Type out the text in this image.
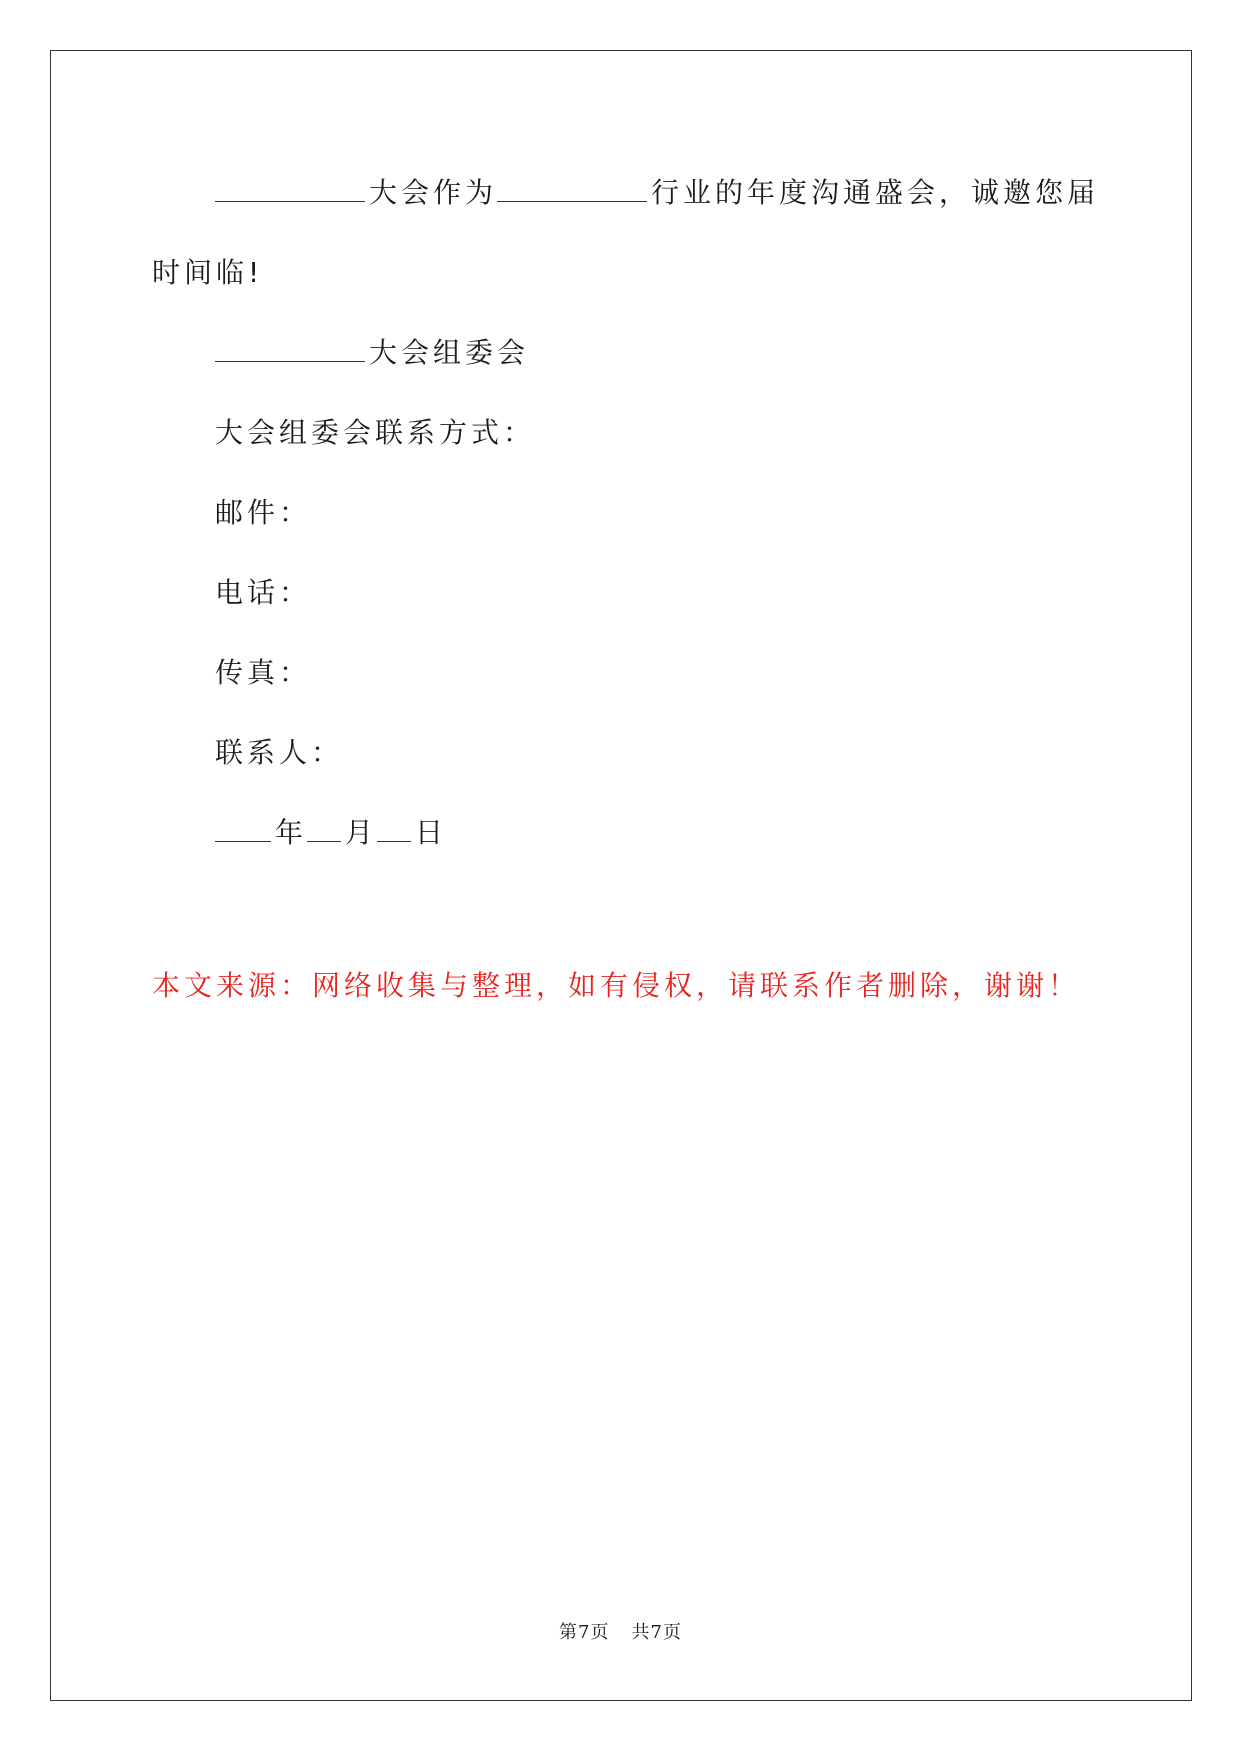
大会作为	行业的年度沟通盛会，诚邀您届
时间临!
大会组委会
大会组委会联系方式：
邮件：
电话：
传真：
联系人：
年 月 日
本文来源：网络收集与整理，如有侵权，请联系作者删除，谢谢！
第7页 共7页
